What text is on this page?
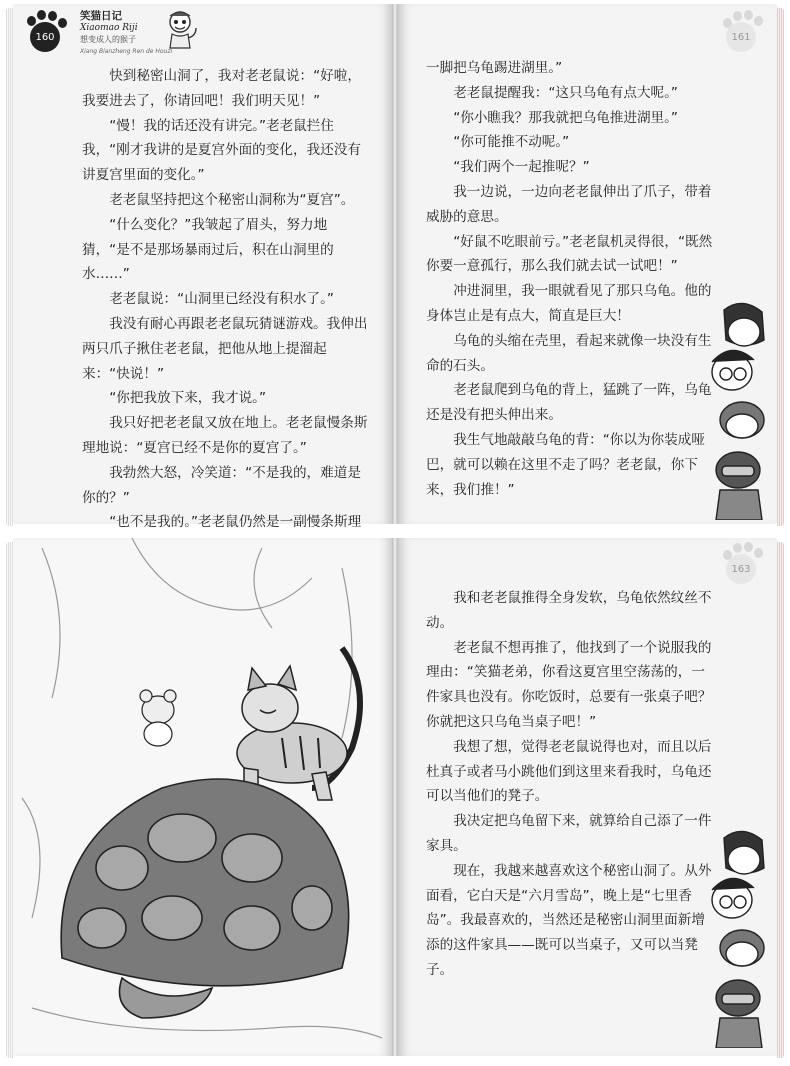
160
笑猫日记
Xiaomao Riji
想变成人的猴子
Xiang Bianzheng Ren de Houzi

快到秘密山洞了，我对老老鼠说：“好啦，我要进去了，你请回吧！我们明天见！”

“慢！我的话还没有讲完。”老老鼠拦住我，“刚才我讲的是夏宫外面的变化，我还没有讲夏宫里面的变化。”

老老鼠坚持把这个秘密山洞称为“夏宫”。

“什么变化？”我皱起了眉头，努力地猜，“是不是那场暴雨过后，积在山洞里的水……”

老老鼠说：“山洞里已经没有积水了。”

我没有耐心再跟老老鼠玩猜谜游戏。我伸出两只爪子揪住老老鼠，把他从地上提溜起来：“快说！”

“你把我放下来，我才说。”

我只好把老老鼠又放在地上。老老鼠慢条斯理地说：“夏宫已经不是你的夏宫了。”

我勃然大怒，冷笑道：“不是我的，难道是你的？”

“也不是我的。”老老鼠仍然是一副慢条斯理

161

一脚把乌龟踢进湖里。”

老老鼠提醒我：“这只乌龟有点大呢。”

“你小瞧我？那我就把乌龟推进湖里。”

“你可能推不动呢。”

“我们两个一起推呢？”

我一边说，一边向老老鼠伸出了爪子，带着威胁的意思。

“好鼠不吃眼前亏。”老老鼠机灵得很，“既然你要一意孤行，那么我们就去试一试吧！”

冲进洞里，我一眼就看见了那只乌龟。他的身体岂止是有点大，简直是巨大！

乌龟的头缩在壳里，看起来就像一块没有生命的石头。

老老鼠爬到乌龟的背上，猛跳了一阵，乌龟还是没有把头伸出来。

我生气地敲敲乌龟的背：“你以为你装成哑巴，就可以赖在这里不走了吗？老老鼠，你下来，我们推！”

163

我和老老鼠推得全身发软，乌龟依然纹丝不动。

老老鼠不想再推了，他找到了一个说服我的理由：“笑猫老弟，你看这夏宫里空荡荡的，一件家具也没有。你吃饭时，总要有一张桌子吧？你就把这只乌龟当桌子吧！”

我想了想，觉得老老鼠说得也对，而且以后杜真子或者马小跳他们到这里来看我时，乌龟还可以当他们的凳子。

我决定把乌龟留下来，就算给自己添了一件家具。

现在，我越来越喜欢这个秘密山洞了。从外面看，它白天是“六月雪岛”，晚上是“七里香岛”。我最喜欢的，当然还是秘密山洞里面新增添的这件家具——既可以当桌子，又可以当凳子。
